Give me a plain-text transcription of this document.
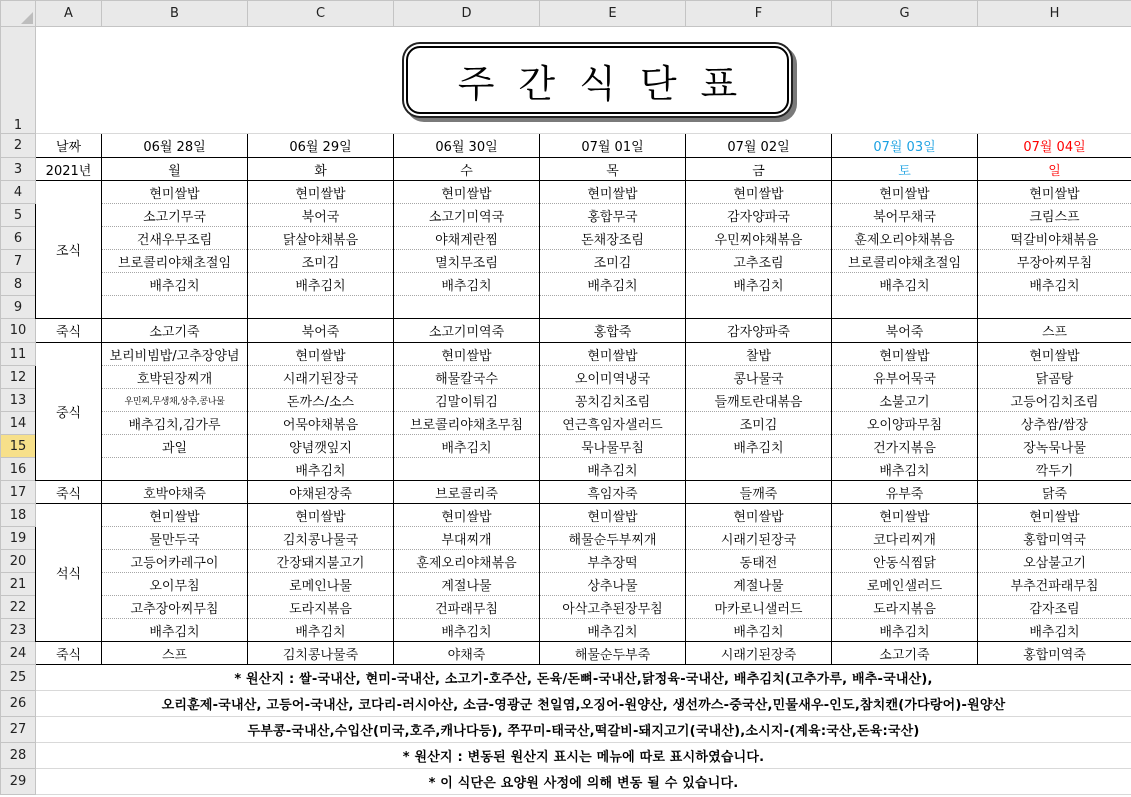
	A	B	C	D	E	F	G	H
1	주간식단표							

2	날짜	06월 28일	06월 29일	06월 30일	07월 01일	07월 02일	07월 03일	07월 04일
3	2021년	월	화	수	목	금	토	일
4	조식	현미쌀밥	현미쌀밥	현미쌀밥	현미쌀밥	현미쌀밥	현미쌀밥	현미쌀밥
5		소고기무국	북어국	소고기미역국	홍합무국	감자양파국	북어무채국	크림스프
6		건새우무조림	닭살야채볶음	야채계란찜	돈채장조림	우민찌야채볶음	훈제오리야채볶음	떡갈비야채볶음
7		브로콜리야채초절임	조미김	멸치무조림	조미김	고추조림	브로콜리야채초절임	무장아찌무침
8		배추김치	배추김치	배추김치	배추김치	배추김치	배추김치	배추김치
9								
10	죽식	소고기죽	북어죽	소고기미역죽	홍합죽	감자양파죽	북어죽	스프
11	중식	보리비빔밥/고추장양념	현미쌀밥	현미쌀밥	현미쌀밥	찰밥	현미쌀밥	현미쌀밥
12		호박된장찌개	시래기된장국	해물칼국수	오이미역냉국	콩나물국	유부어묵국	닭곰탕
13		우민찌,무생채,상추,콩나물	돈까스/소스	김말이튀김	꽁치김치조림	들깨토란대볶음	소불고기	고등어김치조림
14		배추김치,김가루	어묵야채볶음	브로콜리야채초무침	연근흑임자샐러드	조미김	오이양파무침	상추쌈/쌈장
15		과일	양념깻잎지	배추김치	묵나물무침	배추김치	건가지볶음	장녹묵나물
16			배추김치		배추김치		배추김치	깍두기
17	죽식	호박야채죽	야채된장죽	브로콜리죽	흑임자죽	들깨죽	유부죽	닭죽
18	석식	현미쌀밥	현미쌀밥	현미쌀밥	현미쌀밥	현미쌀밥	현미쌀밥	현미쌀밥
19		물만두국	김치콩나물국	부대찌개	해물순두부찌개	시래기된장국	코다리찌개	홍합미역국
20		고등어카레구이	간장돼지불고기	훈제오리야채볶음	부추장떡	동태전	안동식찜닭	오삼불고기
21		오이무침	로메인나물	계절나물	상추나물	계절나물	로메인샐러드	부추건파래무침
22		고추장아찌무침	도라지볶음	건파래무침	아삭고추된장무침	마카로니샐러드	도라지볶음	감자조림
23		배추김치	배추김치	배추김치	배추김치	배추김치	배추김치	배추김치
24	죽식	스프	김치콩나물죽	야채죽	해물순두부죽	시래기된장죽	소고기죽	홍합미역죽
25	* 원산지 : 쌀-국내산, 현미-국내산, 소고기-호주산, 돈육/돈뼈-국내산,닭정육-국내산, 배추김치(고추가루, 배추-국내산),							
26	오리훈제-국내산, 고등어-국내산, 코다리-러시아산, 소금-영광군 천일염,오징어-원양산, 생선까스-중국산,민물새우-인도,참치캔(가다랑어)-원양산							
27	두부콩-국내산,수입산(미국,호주,캐나다등), 쭈꾸미-태국산,떡갈비-돼지고기(국내산),소시지-(계육:국산,돈육:국산)							
28	* 원산지 : 변동된 원산지 표시는 메뉴에 따로 표시하였습니다.							
29	* 이 식단은 요양원 사정에 의해 변동 될 수 있습니다.							
